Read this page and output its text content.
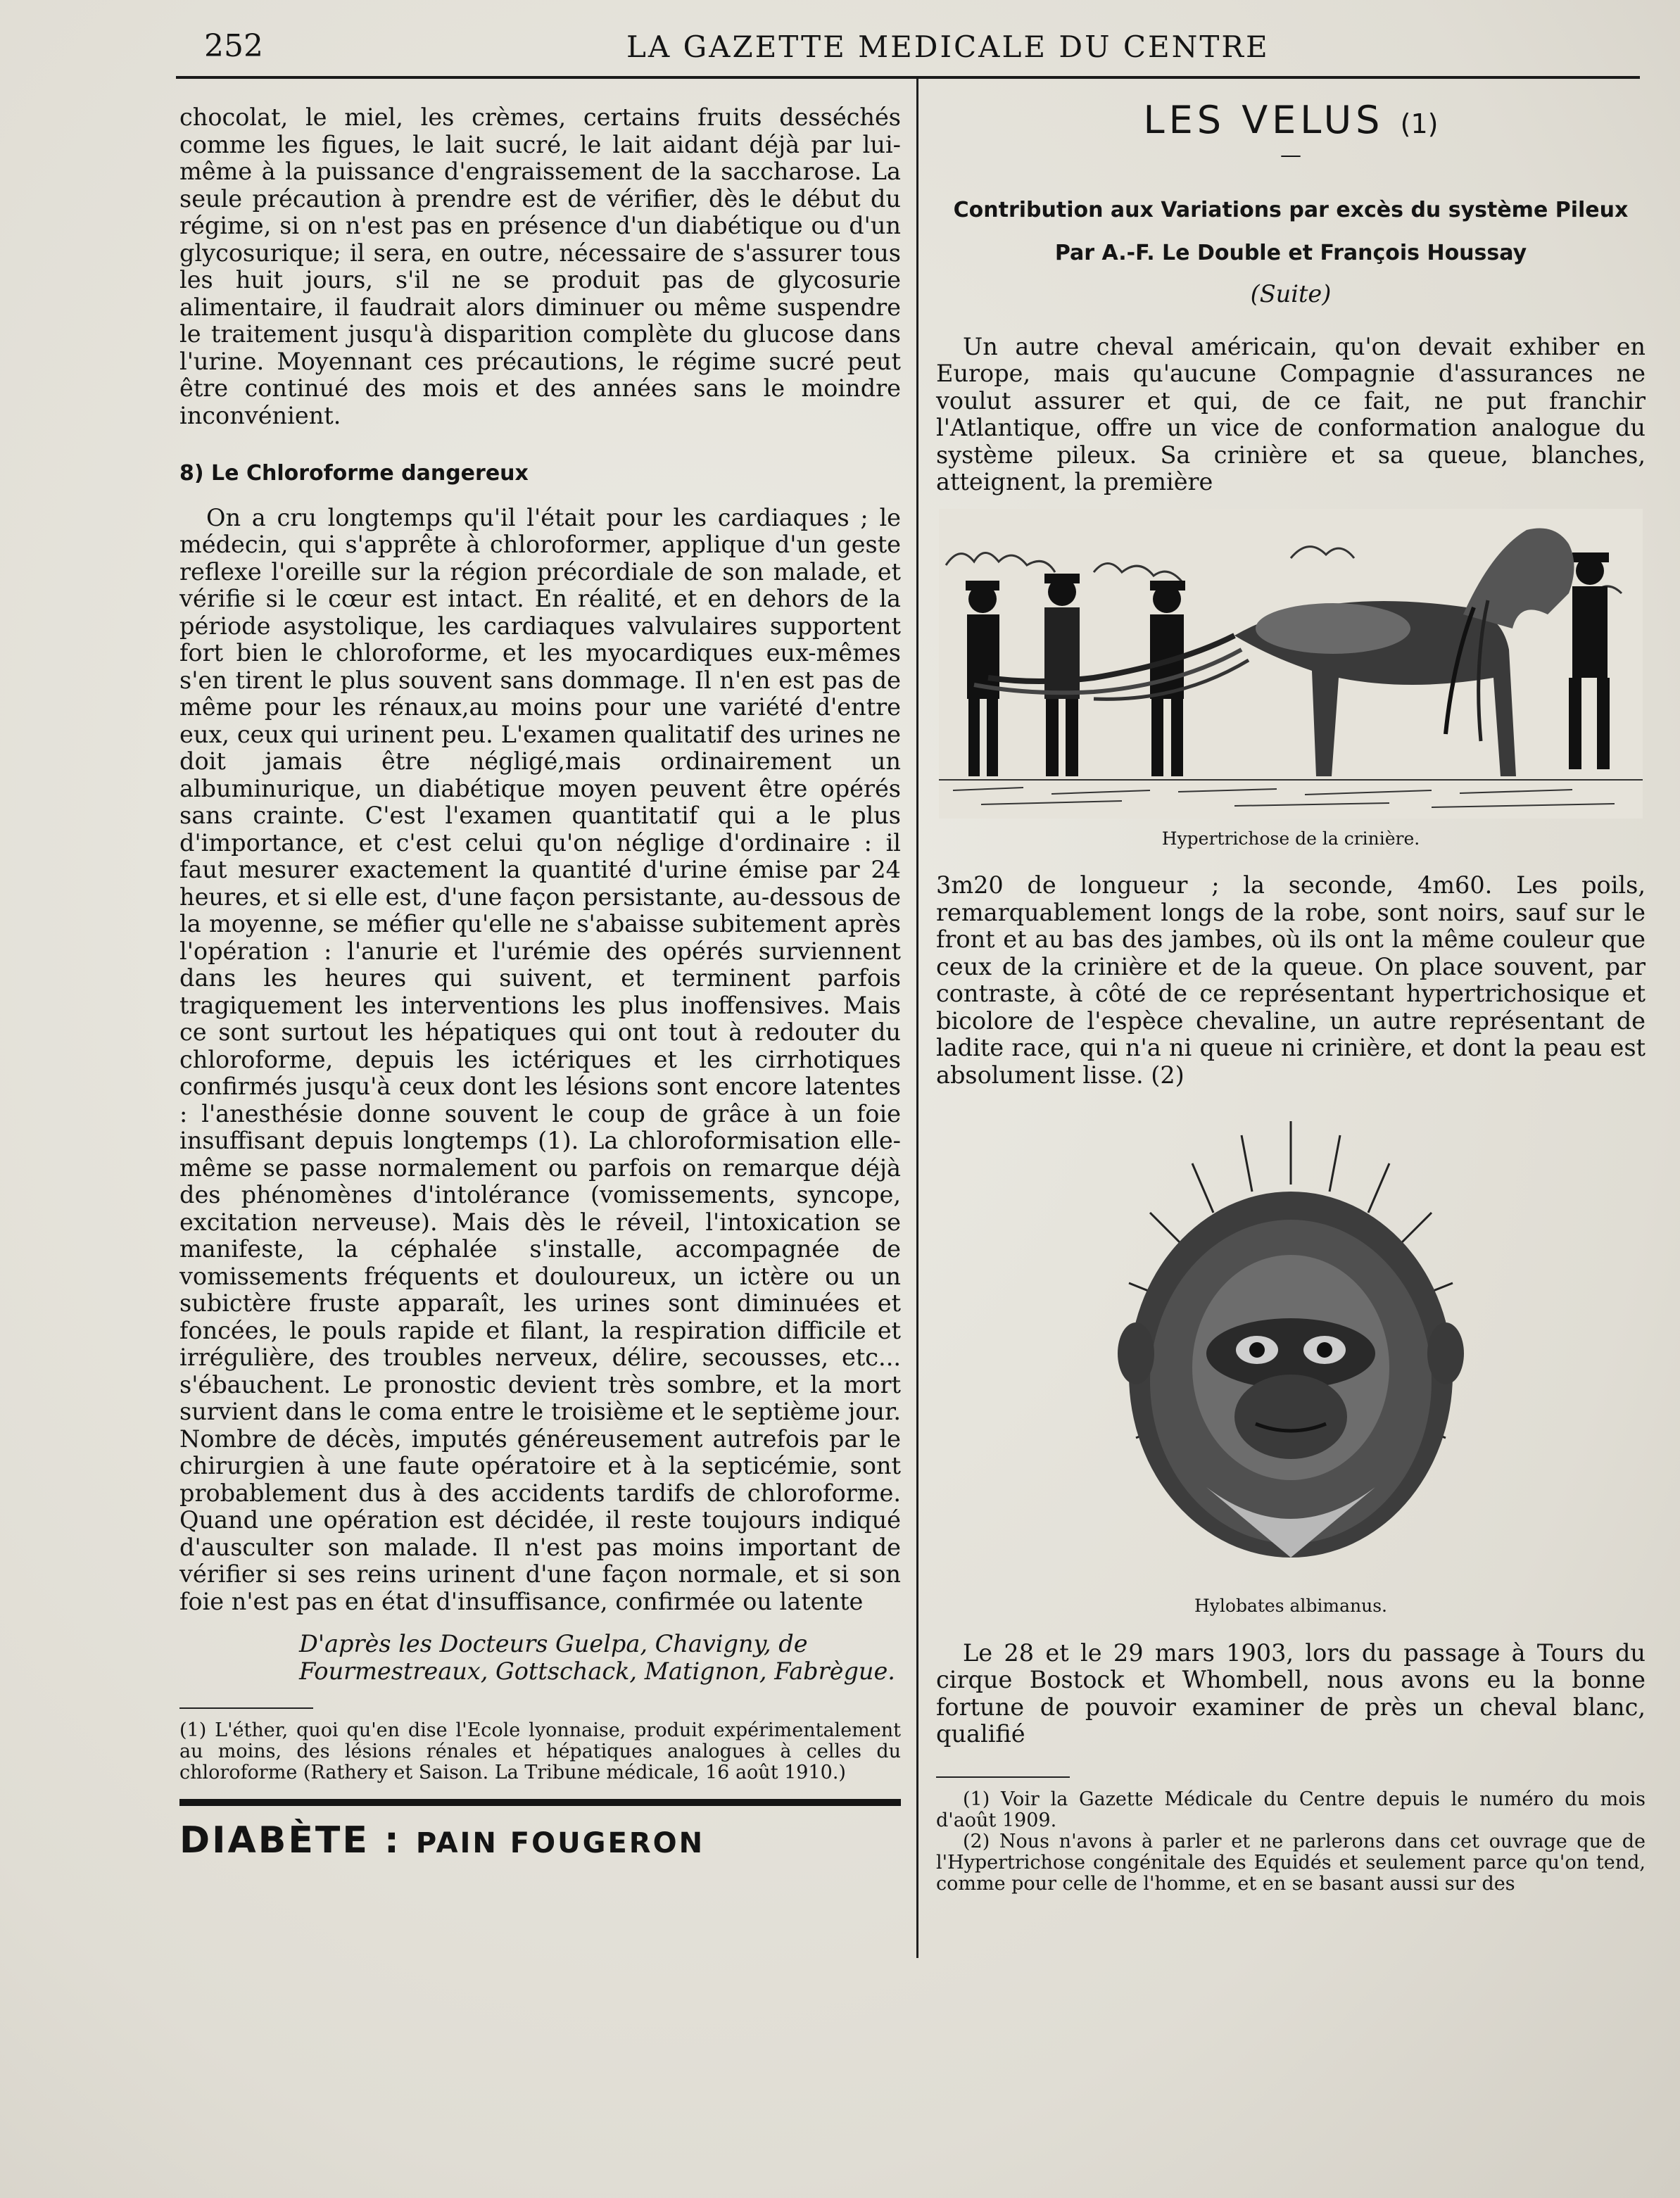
252	LA GAZETTE MEDICALE DU CENTRE

chocolat, le miel, les crèmes, certains fruits desséchés comme les figues, le lait sucré, le lait aidant déjà par lui-même à la puissance d'engraissement de la saccharose. La seule précaution à prendre est de vérifier, dès le début du régime, si on n'est pas en présence d'un diabétique ou d'un glycosurique; il sera, en outre, nécessaire de s'assurer tous les huit jours, s'il ne se produit pas de glycosurie alimentaire, il faudrait alors diminuer ou même suspendre le traitement jusqu'à disparition complète du glucose dans l'urine. Moyennant ces précautions, le régime sucré peut être continué des mois et des années sans le moindre inconvénient.

8) Le Chloroforme dangereux

On a cru longtemps qu'il l'était pour les cardiaques ; le médecin, qui s'apprête à chloroformer, applique d'un geste reflexe l'oreille sur la région précordiale de son malade, et vérifie si le cœur est intact. En réalité, et en dehors de la période asystolique, les cardiaques valvulaires supportent fort bien le chloroforme, et les myocardiques eux-mêmes s'en tirent le plus souvent sans dommage. Il n'en est pas de même pour les rénaux,au moins pour une variété d'entre eux, ceux qui urinent peu. L'examen qualitatif des urines ne doit jamais être négligé,mais ordinairement un albuminurique, un diabétique moyen peuvent être opérés sans crainte. C'est l'examen quantitatif qui a le plus d'importance, et c'est celui qu'on néglige d'ordinaire : il faut mesurer exactement la quantité d'urine émise par 24 heures, et si elle est, d'une façon persistante, au-dessous de la moyenne, se méfier qu'elle ne s'abaisse subitement après l'opération : l'anurie et l'urémie des opérés surviennent dans les heures qui suivent, et terminent parfois tragiquement les interventions les plus inoffensives. Mais ce sont surtout les hépatiques qui ont tout à redouter du chloroforme, depuis les ictériques et les cirrhotiques confirmés jusqu'à ceux dont les lésions sont encore latentes : l'anesthésie donne souvent le coup de grâce à un foie insuffisant depuis longtemps (1). La chloroformisation elle-même se passe normalement ou parfois on remarque déjà des phénomènes d'intolérance (vomissements, syncope, excitation nerveuse). Mais dès le réveil, l'intoxication se manifeste, la céphalée s'installe, accompagnée de vomissements fréquents et douloureux, un ictère ou un subictère fruste apparaît, les urines sont diminuées et foncées, le pouls rapide et filant, la respiration difficile et irrégulière, des troubles nerveux, délire, secousses, etc... s'ébauchent. Le pronostic devient très sombre, et la mort survient dans le coma entre le troisième et le septième jour. Nombre de décès, imputés généreusement autrefois par le chirurgien à une faute opératoire et à la septicémie, sont probablement dus à des accidents tardifs de chloroforme. Quand une opération est décidée, il reste toujours indiqué d'ausculter son malade. Il n'est pas moins important de vérifier si ses reins urinent d'une façon normale, et si son foie n'est pas en état d'insuffisance, confirmée ou latente

D'après les Docteurs Guelpa, Chavigny, de Fourmestreaux, Gottschack, Matignon, Fabrègue.

(1) L'éther, quoi qu'en dise l'Ecole lyonnaise, produit expérimentalement au moins, des lésions rénales et hépatiques analogues à celles du chloroforme (Rathery et Saison. La Tribune médicale, 16 août 1910.)

DIABÈTE : PAIN FOUGERON
LES VELUS (1)
—
Contribution aux Variations par excès du système Pileux
Par A.-F. Le Double et François Houssay
(Suite)

Un autre cheval américain, qu'on devait exhiber en Europe, mais qu'aucune Compagnie d'assurances ne voulut assurer et qui, de ce fait, ne put franchir l'Atlantique, offre un vice de conformation analogue du système pileux. Sa crinière et sa queue, blanches, atteignent, la première

Hypertrichose de la crinière.

3m20 de longueur ; la seconde, 4m60. Les poils, remarquablement longs de la robe, sont noirs, sauf sur le front et au bas des jambes, où ils ont la même couleur que ceux de la crinière et de la queue. On place souvent, par contraste, à côté de ce représentant hypertrichosique et bicolore de l'espèce chevaline, un autre représentant de ladite race, qui n'a ni queue ni crinière, et dont la peau est absolument lisse. (2)

Hylobates albimanus.

Le 28 et le 29 mars 1903, lors du passage à Tours du cirque Bostock et Whombell, nous avons eu la bonne fortune de pouvoir examiner de près un cheval blanc, qualifié

(1) Voir la Gazette Médicale du Centre depuis le numéro du mois d'août 1909.

(2) Nous n'avons à parler et ne parlerons dans cet ouvrage que de l'Hypertrichose congénitale des Equidés et seulement parce qu'on tend, comme pour celle de l'homme, et en se basant aussi sur des
